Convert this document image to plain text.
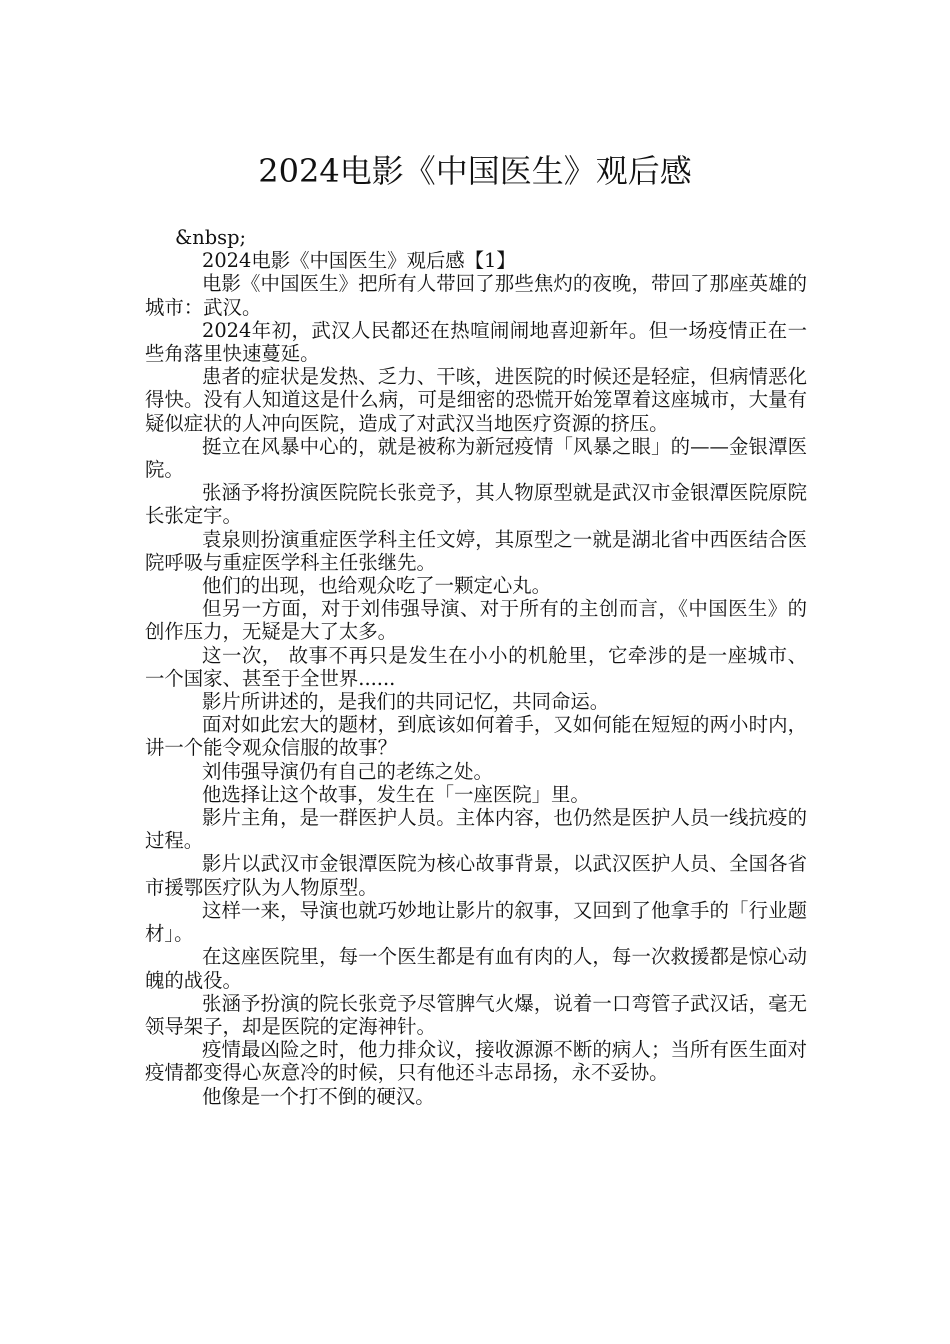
2024电影《中国医生》观后感

&nbsp;

2024电影《中国医生》观后感【1】

电影《中国医生》把所有人带回了那些焦灼的夜晚，带回了那座英雄的城市：武汉。

2024年初，武汉人民都还在热喧闹闹地喜迎新年。但一场疫情正在一些角落里快速蔓延。

患者的症状是发热、乏力、干咳，进医院的时候还是轻症，但病情恶化得快。没有人知道这是什么病，可是细密的恐慌开始笼罩着这座城市，大量有疑似症状的人冲向医院，造成了对武汉当地医疗资源的挤压。

挺立在风暴中心的，就是被称为新冠疫情「风暴之眼」的——金银潭医院。

张涵予将扮演医院院长张竞予，其人物原型就是武汉市金银潭医院原院长张定宇。

袁泉则扮演重症医学科主任文婷，其原型之一就是湖北省中西医结合医院呼吸与重症医学科主任张继先。

他们的出现，也给观众吃了一颗定心丸。

但另一方面，对于刘伟强导演、对于所有的主创而言，《中国医生》的创作压力，无疑是大了太多。

这一次， 故事不再只是发生在小小的机舱里，它牵涉的是一座城市、一个国家、甚至于全世界......

影片所讲述的，是我们的共同记忆，共同命运。

面对如此宏大的题材，到底该如何着手，又如何能在短短的两小时内，讲一个能令观众信服的故事？

刘伟强导演仍有自己的老练之处。

他选择让这个故事，发生在「一座医院」里。

影片主角，是一群医护人员。主体内容，也仍然是医护人员一线抗疫的过程。

影片以武汉市金银潭医院为核心故事背景，以武汉医护人员、全国各省市援鄂医疗队为人物原型。

这样一来，导演也就巧妙地让影片的叙事，又回到了他拿手的「行业题材」。

在这座医院里，每一个医生都是有血有肉的人，每一次救援都是惊心动魄的战役。

张涵予扮演的院长张竞予尽管脾气火爆，说着一口弯管子武汉话，毫无领导架子，却是医院的定海神针。

疫情最凶险之时，他力排众议，接收源源不断的病人；当所有医生面对疫情都变得心灰意冷的时候，只有他还斗志昂扬，永不妥协。

他像是一个打不倒的硬汉。
